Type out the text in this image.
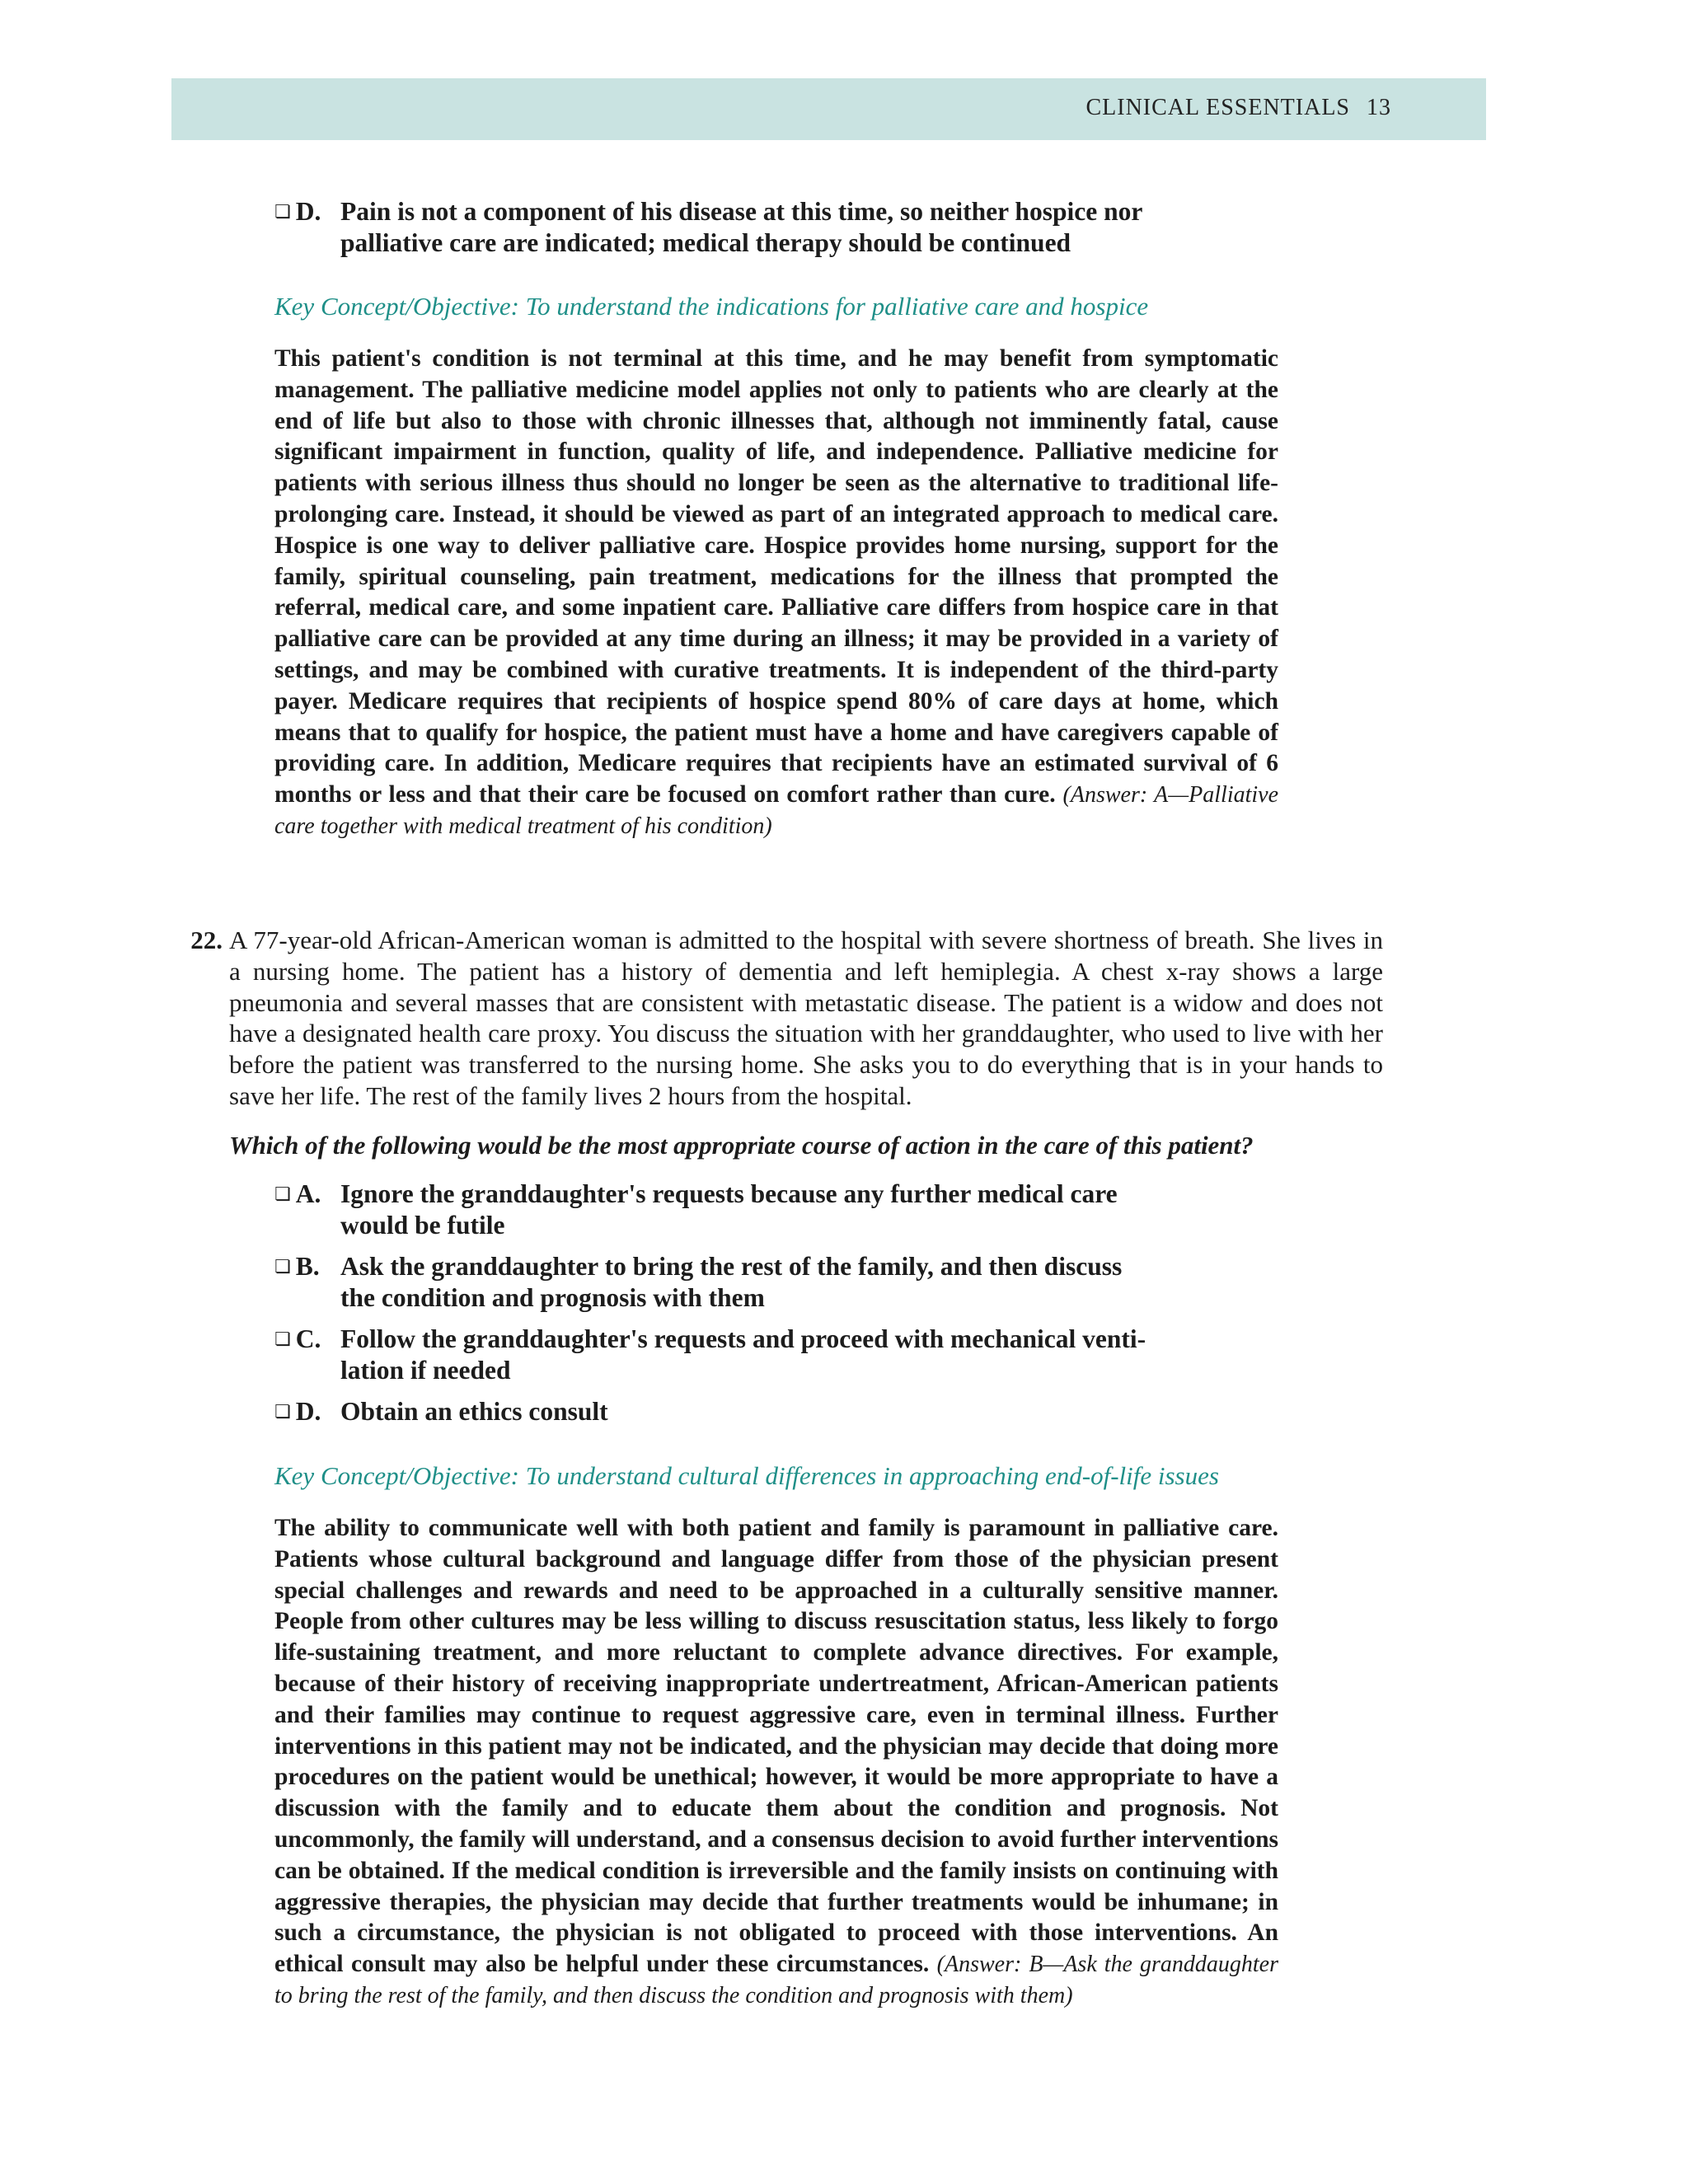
CLINICAL ESSENTIALS 13
❏ D. Pain is not a component of his disease at this time, so neither hospice nor
palliative care are indicated; medical therapy should be continued
Key Concept/Objective: To understand the indications for palliative care and hospice
This patient's condition is not terminal at this time, and he may benefit from symptomatic management. The palliative medicine model applies not only to patients who are clearly at the end of life but also to those with chronic illnesses that, although not imminently fatal, cause significant impairment in function, quality of life, and independence. Palliative medicine for patients with serious illness thus should no longer be seen as the alternative to traditional life-prolonging care. Instead, it should be viewed as part of an integrated approach to medical care. Hospice is one way to deliver palliative care. Hospice provides home nursing, support for the family, spiritual counseling, pain treatment, medications for the illness that prompted the referral, medical care, and some inpatient care. Palliative care differs from hospice care in that palliative care can be provided at any time during an illness; it may be provided in a variety of settings, and may be combined with curative treatments. It is independent of the third-party payer. Medicare requires that recipients of hospice spend 80% of care days at home, which means that to qualify for hospice, the patient must have a home and have caregivers capable of providing care. In addition, Medicare requires that recipients have an estimated survival of 6 months or less and that their care be focused on comfort rather than cure. (Answer: A—Palliative care together with medical treatment of his condition)
22. A 77-year-old African-American woman is admitted to the hospital with severe shortness of breath. She lives in a nursing home. The patient has a history of dementia and left hemiplegia. A chest x-ray shows a large pneumonia and several masses that are consistent with metastatic disease. The patient is a widow and does not have a designated health care proxy. You discuss the situation with her granddaughter, who used to live with her before the patient was transferred to the nursing home. She asks you to do everything that is in your hands to save her life. The rest of the family lives 2 hours from the hospital.
Which of the following would be the most appropriate course of action in the care of this patient?
❏ A. Ignore the granddaughter's requests because any further medical care
would be futile
❏ B. Ask the granddaughter to bring the rest of the family, and then discuss
the condition and prognosis with them
❏ C. Follow the granddaughter's requests and proceed with mechanical venti-
lation if needed
❏ D. Obtain an ethics consult
Key Concept/Objective: To understand cultural differences in approaching end-of-life issues
The ability to communicate well with both patient and family is paramount in palliative care. Patients whose cultural background and language differ from those of the physician present special challenges and rewards and need to be approached in a culturally sensitive manner. People from other cultures may be less willing to discuss resuscitation status, less likely to forgo life-sustaining treatment, and more reluctant to complete advance directives. For example, because of their history of receiving inappropriate undertreatment, African-American patients and their families may continue to request aggressive care, even in terminal illness. Further interventions in this patient may not be indicated, and the physician may decide that doing more procedures on the patient would be unethical; however, it would be more appropriate to have a discussion with the family and to educate them about the condition and prognosis. Not uncommonly, the family will understand, and a consensus decision to avoid further interventions can be obtained. If the medical condition is irreversible and the family insists on continuing with aggressive therapies, the physician may decide that further treatments would be inhumane; in such a circumstance, the physician is not obligated to proceed with those interventions. An ethical consult may also be helpful under these circumstances. (Answer: B—Ask the granddaughter to bring the rest of the family, and then discuss the condition and prognosis with them)
